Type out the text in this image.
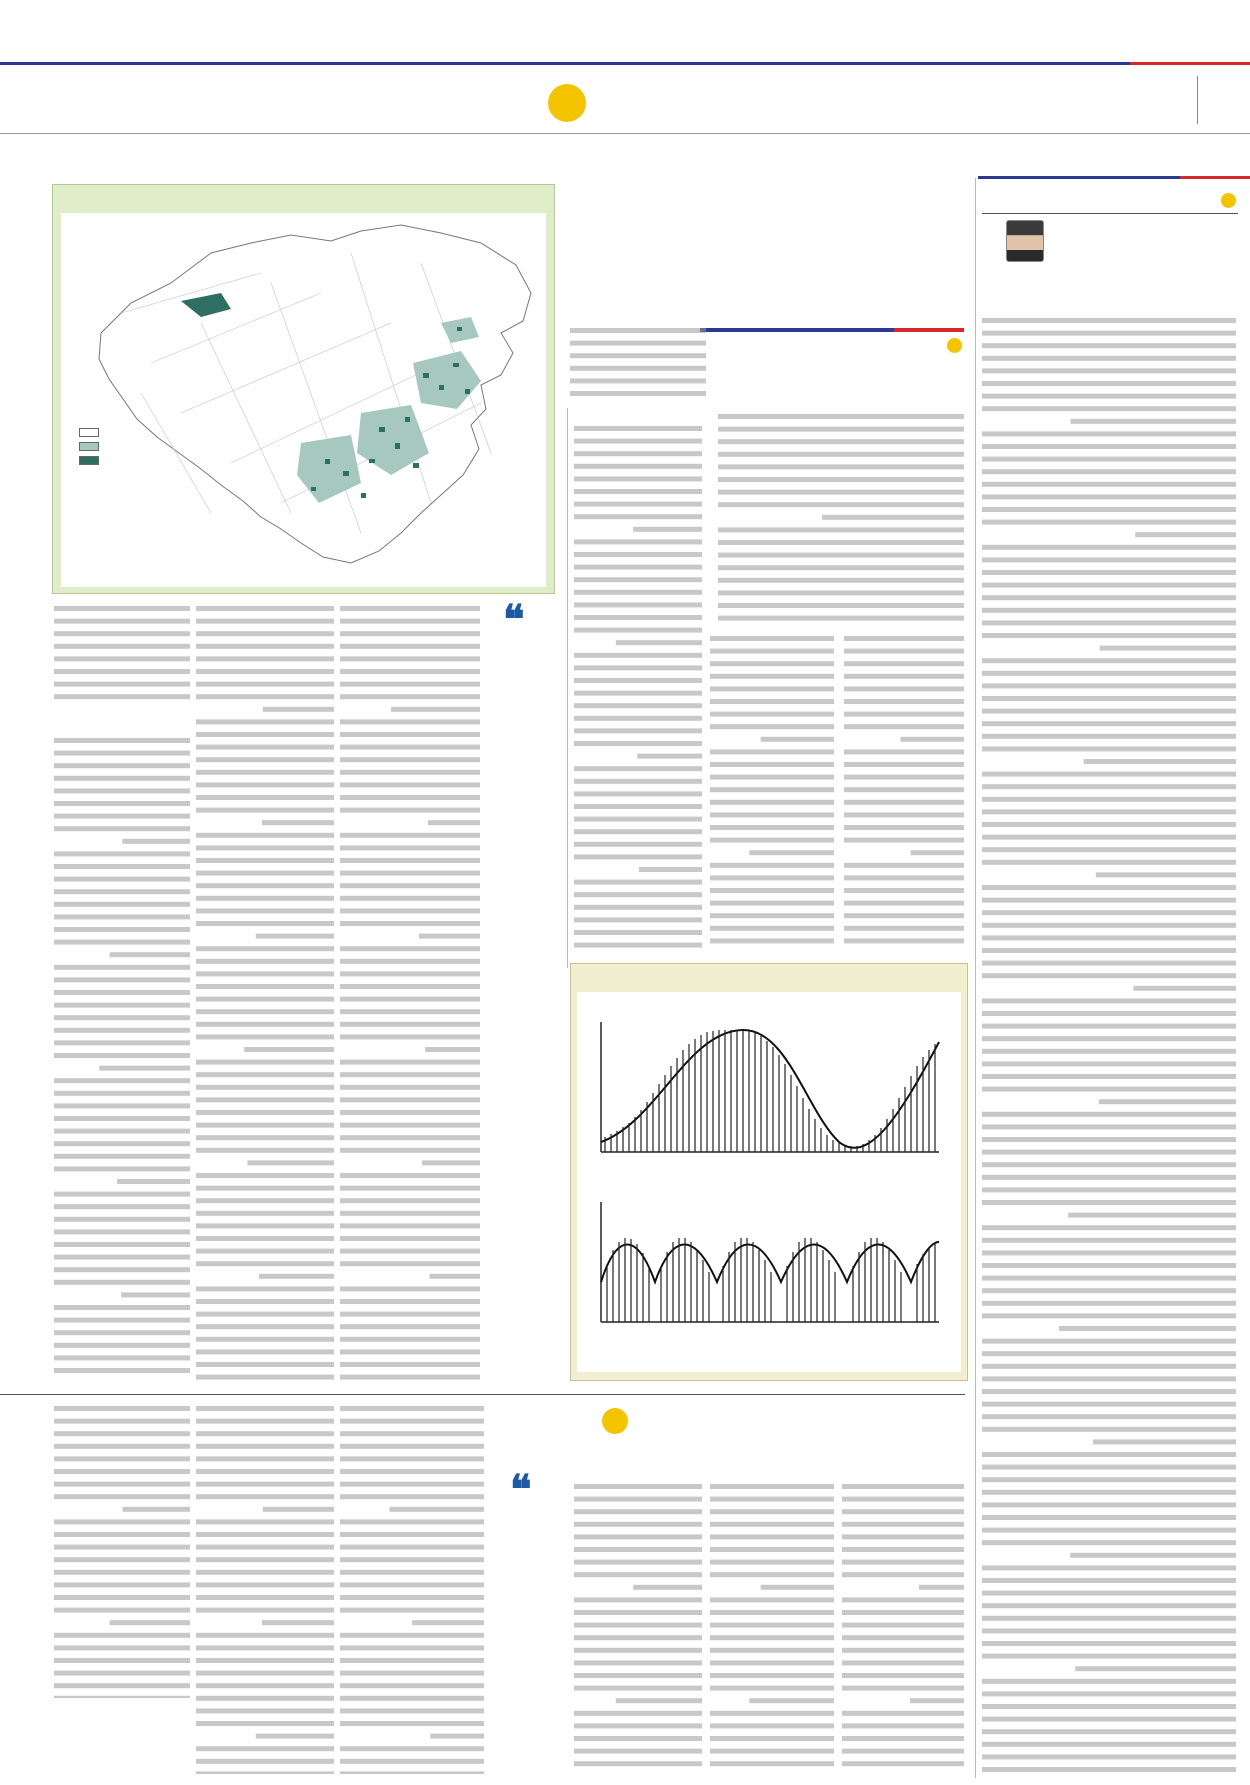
❝
❝
